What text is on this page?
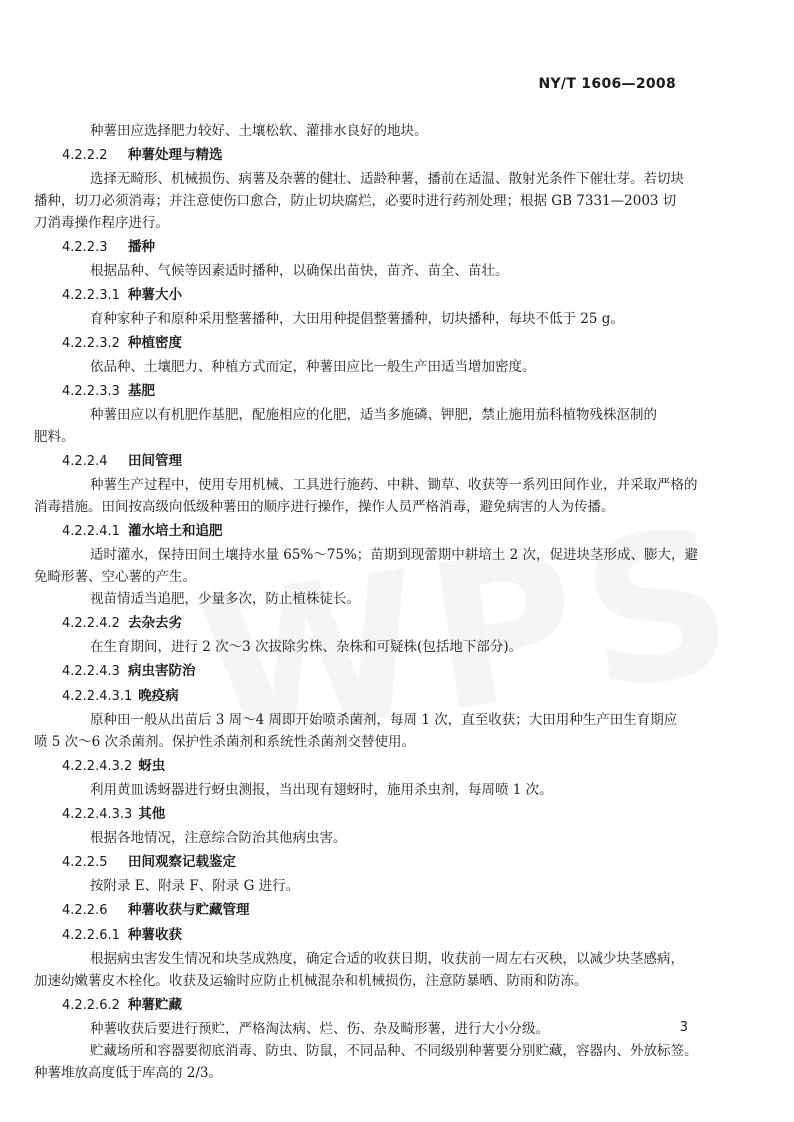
NY/T 1606—2008

种薯田应选择肥力较好、土壤松软、灌排水良好的地块。

4.2.2.2 种薯处理与精选

选择无畸形、机械损伤、病薯及杂薯的健壮、适龄种薯，播前在适温、散射光条件下催壮芽。若切块
播种，切刀必须消毒；并注意使伤口愈合，防止切块腐烂，必要时进行药剂处理；根据 GB 7331—2003 切
刀消毒操作程序进行。

4.2.2.3 播种

根据品种、气候等因素适时播种，以确保出苗快，苗齐、苗全、苗壮。

4.2.2.3.1 种薯大小

育种家种子和原种采用整薯播种，大田用种提倡整薯播种，切块播种，每块不低于 25 g。

4.2.2.3.2 种植密度

依品种、土壤肥力、种植方式而定，种薯田应比一般生产田适当增加密度。

4.2.2.3.3 基肥

种薯田应以有机肥作基肥，配施相应的化肥，适当多施磷、钾肥，禁止施用茄科植物残株沤制的
肥料。

4.2.2.4 田间管理

种薯生产过程中，使用专用机械、工具进行施药、中耕、锄草、收获等一系列田间作业，并采取严格的
消毒措施。田间按高级向低级种薯田的顺序进行操作，操作人员严格消毒，避免病害的人为传播。

4.2.2.4.1 灌水培土和追肥

适时灌水，保持田间土壤持水量 65%～75%；苗期到现蕾期中耕培土 2 次，促进块茎形成、膨大，避
免畸形薯、空心薯的产生。

视苗情适当追肥，少量多次，防止植株徒长。

4.2.2.4.2 去杂去劣

在生育期间，进行 2 次～3 次拔除劣株、杂株和可疑株(包括地下部分)。

4.2.2.4.3 病虫害防治
4.2.2.4.3.1 晚疫病

原种田一般从出苗后 3 周～4 周即开始喷杀菌剂，每周 1 次，直至收获；大田用种生产田生育期应
喷 5 次～6 次杀菌剂。保护性杀菌剂和系统性杀菌剂交替使用。

4.2.2.4.3.2 蚜虫

利用黄皿诱蚜器进行蚜虫测报，当出现有翅蚜时，施用杀虫剂，每周喷 1 次。

4.2.2.4.3.3 其他

根据各地情况，注意综合防治其他病虫害。

4.2.2.5 田间观察记载鉴定

按附录 E、附录 F、附录 G 进行。

4.2.2.6 种薯收获与贮藏管理
4.2.2.6.1 种薯收获

根据病虫害发生情况和块茎成熟度，确定合适的收获日期，收获前一周左右灭秧，以减少块茎感病，
加速幼嫩薯皮木栓化。收获及运输时应防止机械混杂和机械损伤，注意防暴晒、防雨和防冻。

4.2.2.6.2 种薯贮藏

种薯收获后要进行预贮，严格淘汰病、烂、伤、杂及畸形薯，进行大小分级。

贮藏场所和容器要彻底消毒、防虫、防鼠，不同品种、不同级别种薯要分别贮藏，容器内、外放标签。
种薯堆放高度低于库高的 2/3。

3
